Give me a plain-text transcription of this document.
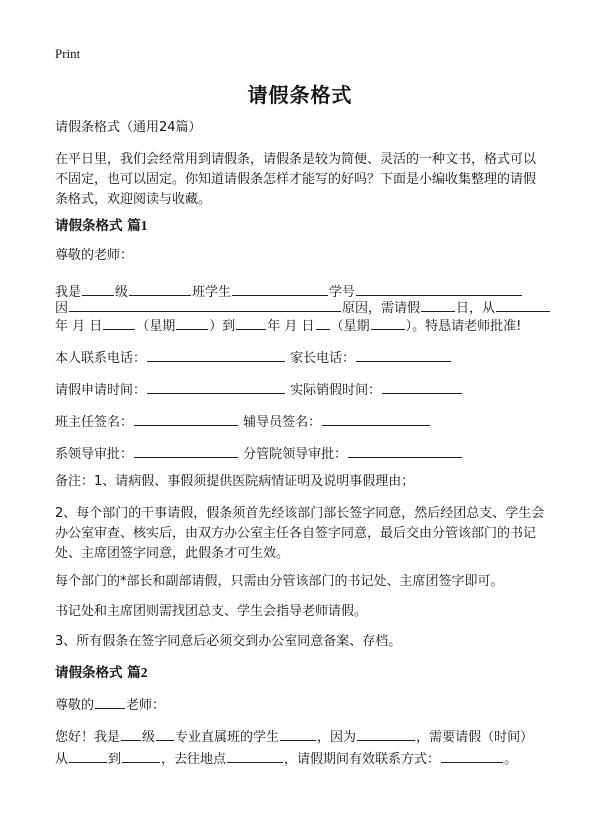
Print
请假条格式
请假条格式（通用24篇）
在平日里，我们会经常用到请假条，请假条是较为简便、灵活的一种文书，格式可以不固定，也可以固定。你知道请假条怎样才能写的好吗？下面是小编收集整理的请假条格式，欢迎阅读与收藏。
请假条格式 篇1
尊敬的老师：
我是	级	班学生	学号
因	原因，需请假	日，从
年 月 日	（星期	）到 年 月 日 （星期	）。特恳请老师批准!
本人联系电话：	家长电话：
请假申请时间：	实际销假时间：
班主任签名：	辅导员签名：
系领导审批：	分管院领导审批：
备注：1、请病假、事假须提供医院病情证明及说明事假理由；
2、每个部门的干事请假，假条须首先经该部门部长签字同意，然后经团总支、学生会办公室审查、核实后，由双方办公室主任各自签字同意，最后交由分管该部门的书记处、主席团签字同意，此假条才可生效。
每个部门的*部长和副部请假，只需由分管该部门的书记处、主席团签字即可。
书记处和主席团则需找团总支、学生会指导老师请假。
3、所有假条在签字同意后必须交到办公室同意备案、存档。
请假条格式 篇2
尊敬的 老师：
您好！我是 级 专业直属班的学生	，因为	，需要请假（时间）从	到	，去往地点	，请假期间有效联系方式：	。
